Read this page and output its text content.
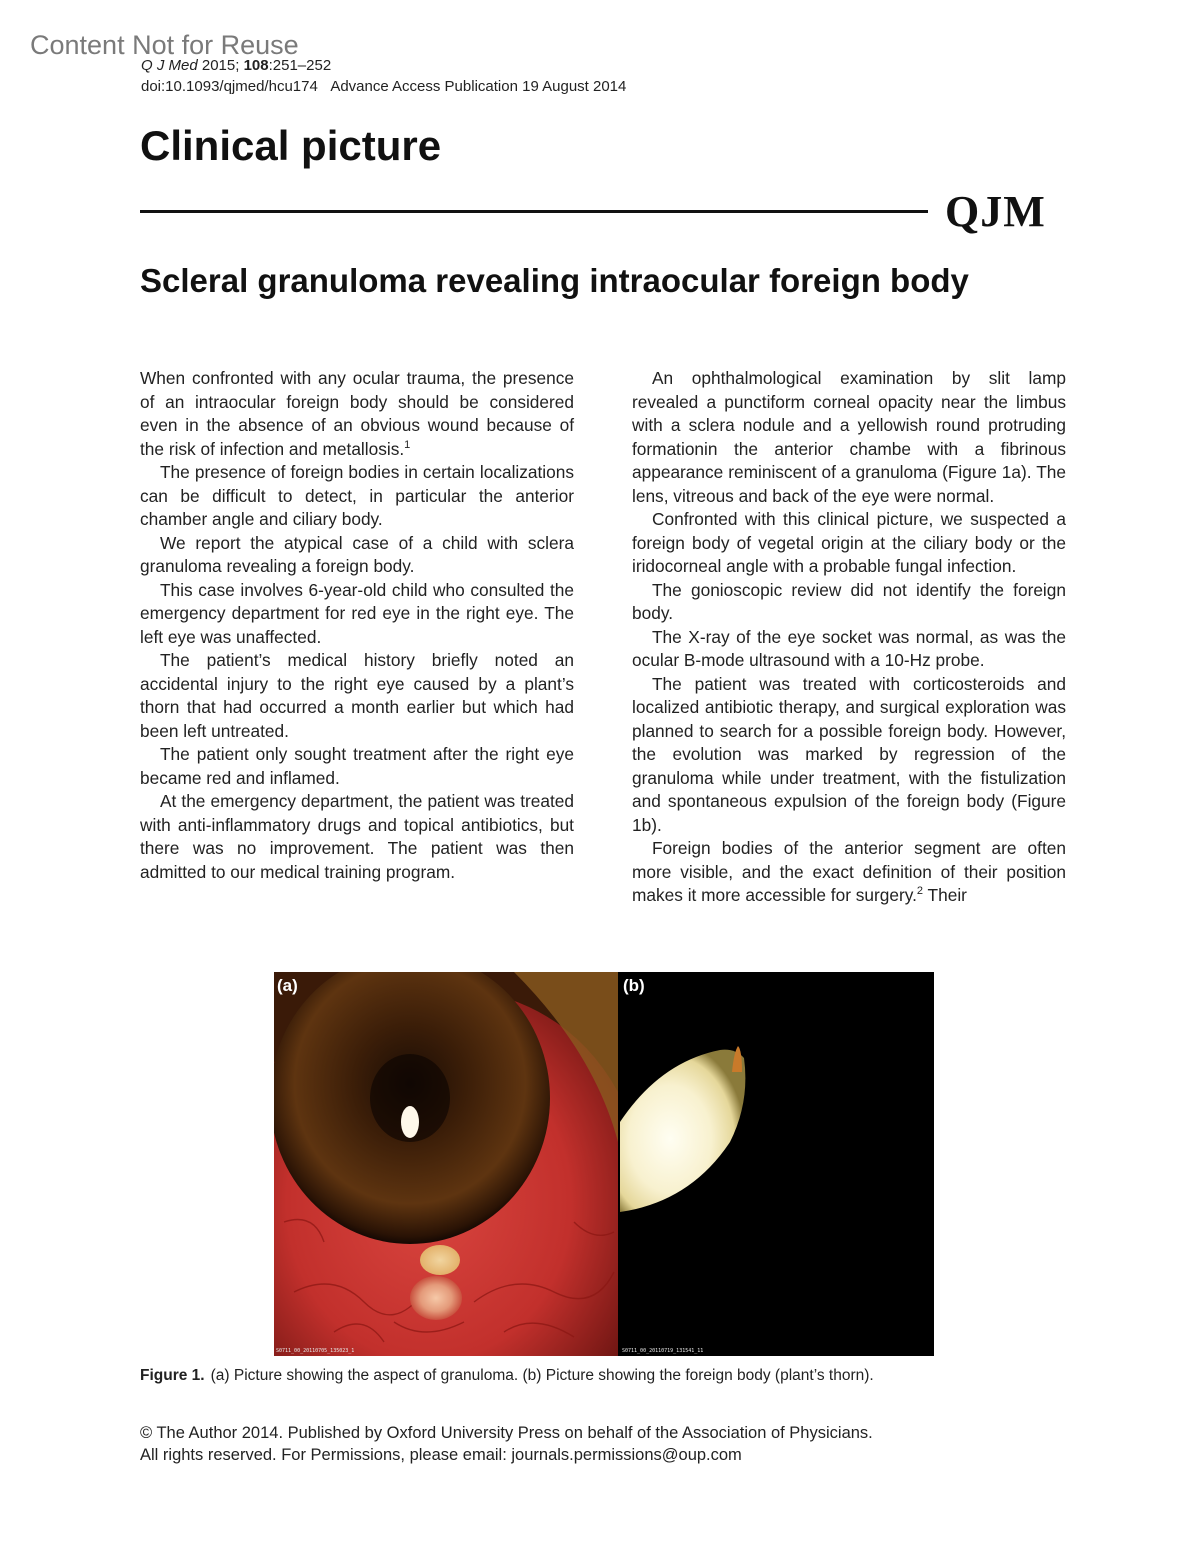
Content Not for Reuse
Q J Med 2015; 108:251–252
doi:10.1093/qjmed/hcu174 Advance Access Publication 19 August 2014
Clinical picture
QJM
Scleral granuloma revealing intraocular foreign body

When confronted with any ocular trauma, the presence of an intraocular foreign body should be considered even in the absence of an obvious wound because of the risk of infection and metallosis.$^1$

The presence of foreign bodies in certain localizations can be difficult to detect, in particular the anterior chamber angle and ciliary body.

We report the atypical case of a child with sclera granuloma revealing a foreign body.

This case involves 6-year-old child who consulted the emergency department for red eye in the right eye. The left eye was unaffected.

The patient’s medical history briefly noted an accidental injury to the right eye caused by a plant’s thorn that had occurred a month earlier but which had been left untreated.

The patient only sought treatment after the right eye became red and inflamed.

At the emergency department, the patient was treated with anti-inflammatory drugs and topical antibiotics, but there was no improvement. The patient was then admitted to our medical training program.

An ophthalmological examination by slit lamp revealed a punctiform corneal opacity near the limbus with a sclera nodule and a yellowish round protruding formationin the anterior chambe with a fibrinous appearance reminiscent of a granuloma (Figure 1a). The lens, vitreous and back of the eye were normal.

Confronted with this clinical picture, we suspected a foreign body of vegetal origin at the ciliary body or the iridocorneal angle with a probable fungal infection.

The gonioscopic review did not identify the foreign body.

The X-ray of the eye socket was normal, as was the ocular B-mode ultrasound with a 10-Hz probe.

The patient was treated with corticosteroids and localized antibiotic therapy, and surgical exploration was planned to search for a possible foreign body. However, the evolution was marked by regression of the granuloma while under treatment, with the fistulization and spontaneous expulsion of the foreign body (Figure 1b).

Foreign bodies of the anterior segment are often more visible, and the exact definition of their position makes it more accessible for surgery.$^2$ Their

(a)
S0711_00_20110705_135023_1
(b)
S0711_00_20110719_131541_11
Figure 1. (a) Picture showing the aspect of granuloma. (b) Picture showing the foreign body (plant’s thorn).
© The Author 2014. Published by Oxford University Press on behalf of the Association of Physicians.
All rights reserved. For Permissions, please email: journals.permissions@oup.com
